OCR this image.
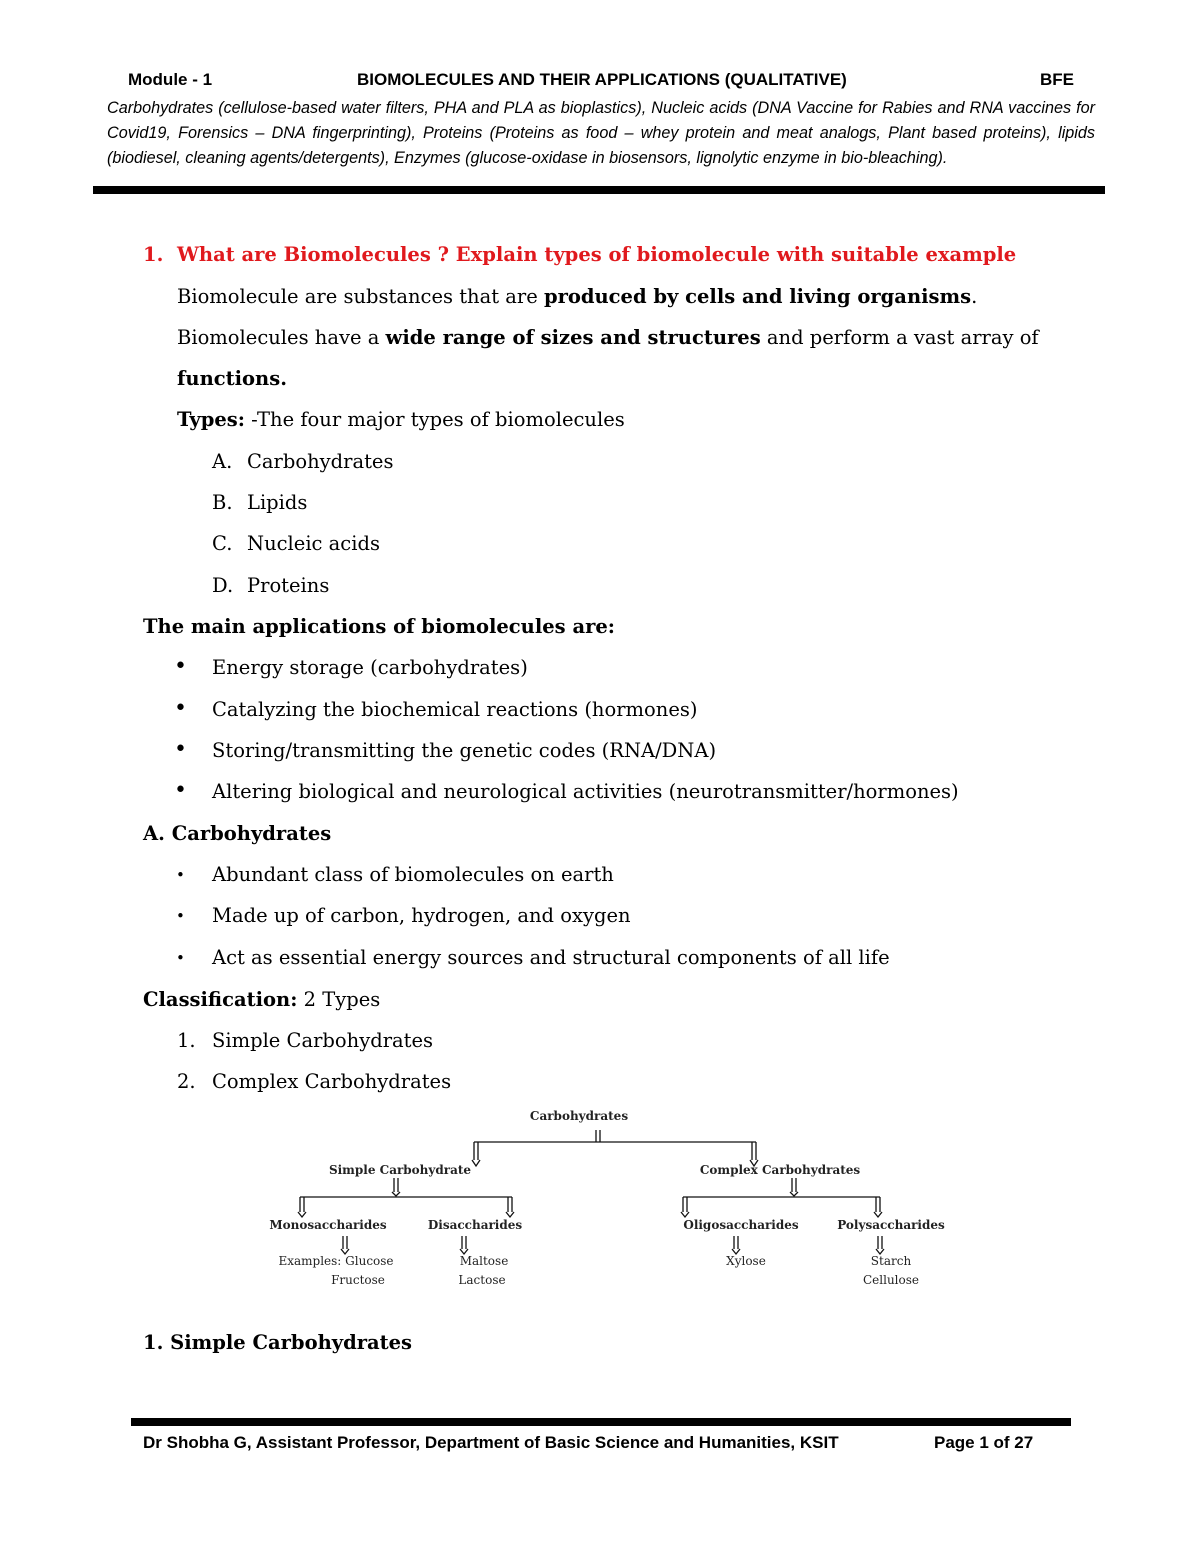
Module - 1	BIOMOLECULES AND THEIR APPLICATIONS (QUALITATIVE)	BFE
Carbohydrates (cellulose-based water filters, PHA and PLA as bioplastics), Nucleic acids (DNA Vaccine for Rabies and RNA vaccines for Covid19, Forensics – DNA fingerprinting), Proteins (Proteins as food – whey protein and meat analogs, Plant based proteins), lipids (biodiesel, cleaning agents/detergents), Enzymes (glucose-oxidase in biosensors, lignolytic enzyme in bio-bleaching).
1. What are Biomolecules ? Explain types of biomolecule with suitable example
Biomolecule are substances that are produced by cells and living organisms.
Biomolecules have a wide range of sizes and structures and perform a vast array of
functions.
Types: -The four major types of biomolecules
A. Carbohydrates
B. Lipids
C. Nucleic acids
D. Proteins
The main applications of biomolecules are:
• Energy storage (carbohydrates)
• Catalyzing the biochemical reactions (hormones)
• Storing/transmitting the genetic codes (RNA/DNA)
• Altering biological and neurological activities (neurotransmitter/hormones)
A. Carbohydrates
• Abundant class of biomolecules on earth
• Made up of carbon, hydrogen, and oxygen
• Act as essential energy sources and structural components of all life
Classification: 2 Types
1. Simple Carbohydrates
2. Complex Carbohydrates
Carbohydrates
Simple Carbohydrate	Complex Carbohydrates
Monosaccharides	Disaccharides	Oligosaccharides	Polysaccharides
Examples: Glucose
Fructose
Maltose
Lactose
Xylose	Starch
Cellulose
1. Simple Carbohydrates
Dr Shobha G, Assistant Professor, Department of Basic Science and Humanities, KSIT	Page 1 of 27
